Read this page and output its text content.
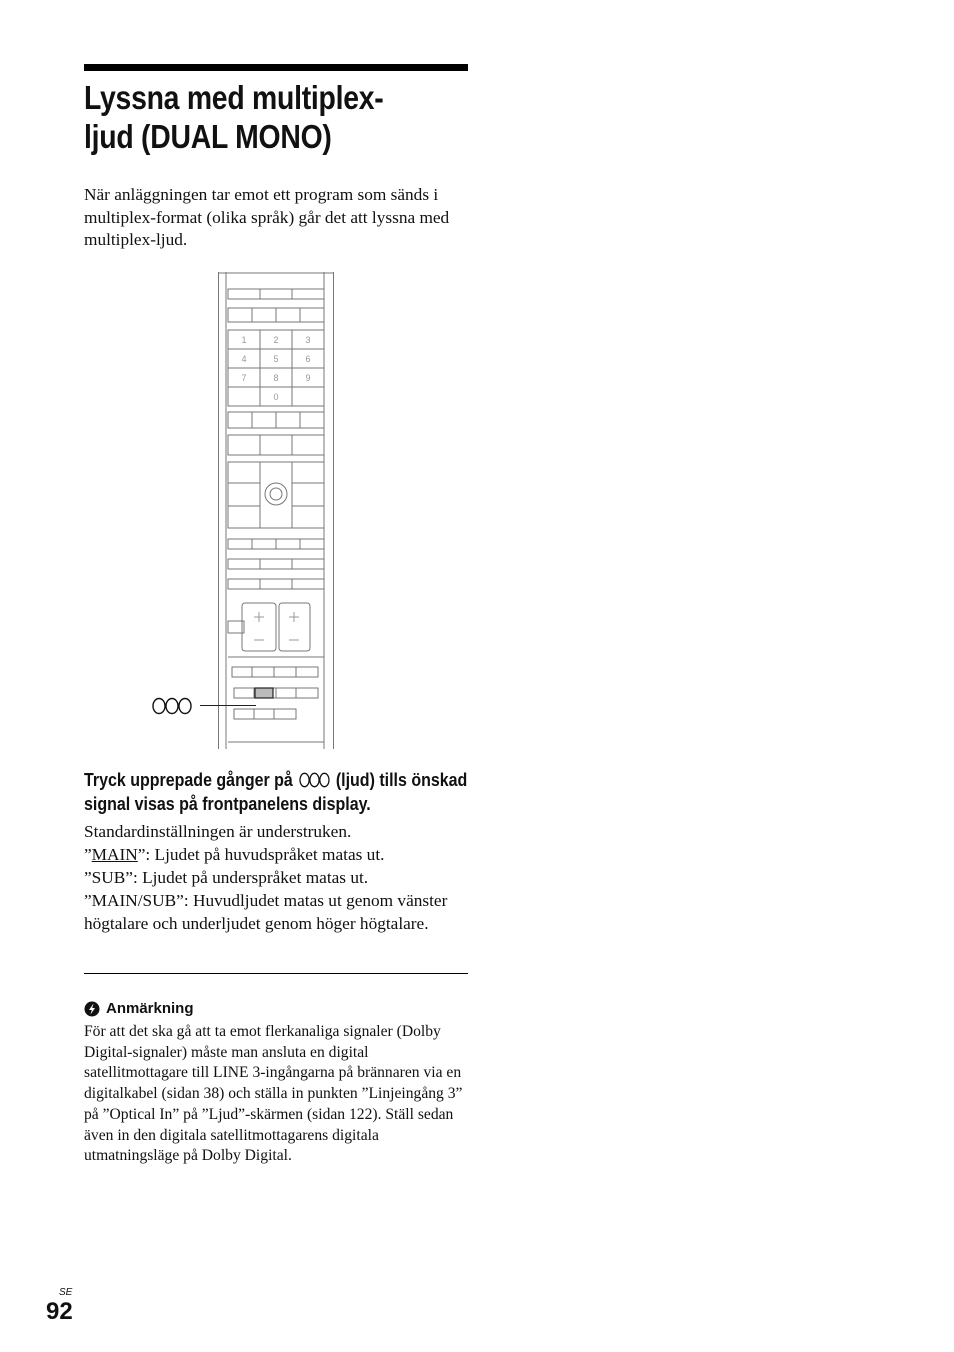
Lyssna med multiplex-ljud (DUAL MONO)

När anläggningen tar emot ett program som sänds i multiplex-format (olika språk) går det att lyssna med multiplex-ljud.

1	2	3
4	5	6
7	8	9
0

Tryck upprepade gånger på (ljud) tills önskad signal visas på frontpanelens display.

Standardinställningen är understruken.

”MAIN”: Ljudet på huvudspråket matas ut.

”SUB”: Ljudet på underspråket matas ut.

”MAIN/SUB”: Huvudljudet matas ut genom vänster högtalare och underljudet genom höger högtalare.

Anmärkning

För att det ska gå att ta emot flerkanaliga signaler (Dolby Digital-signaler) måste man ansluta en digital satellitmottagare till LINE 3-ingångarna på brännaren via en digitalkabel (sidan 38) och ställa in punkten ”Linjeingång 3” på ”Optical In” på ”Ljud”-skärmen (sidan 122). Ställ sedan även in den digitala satellitmottagarens digitala utmatningsläge på Dolby Digital.

SE
92
